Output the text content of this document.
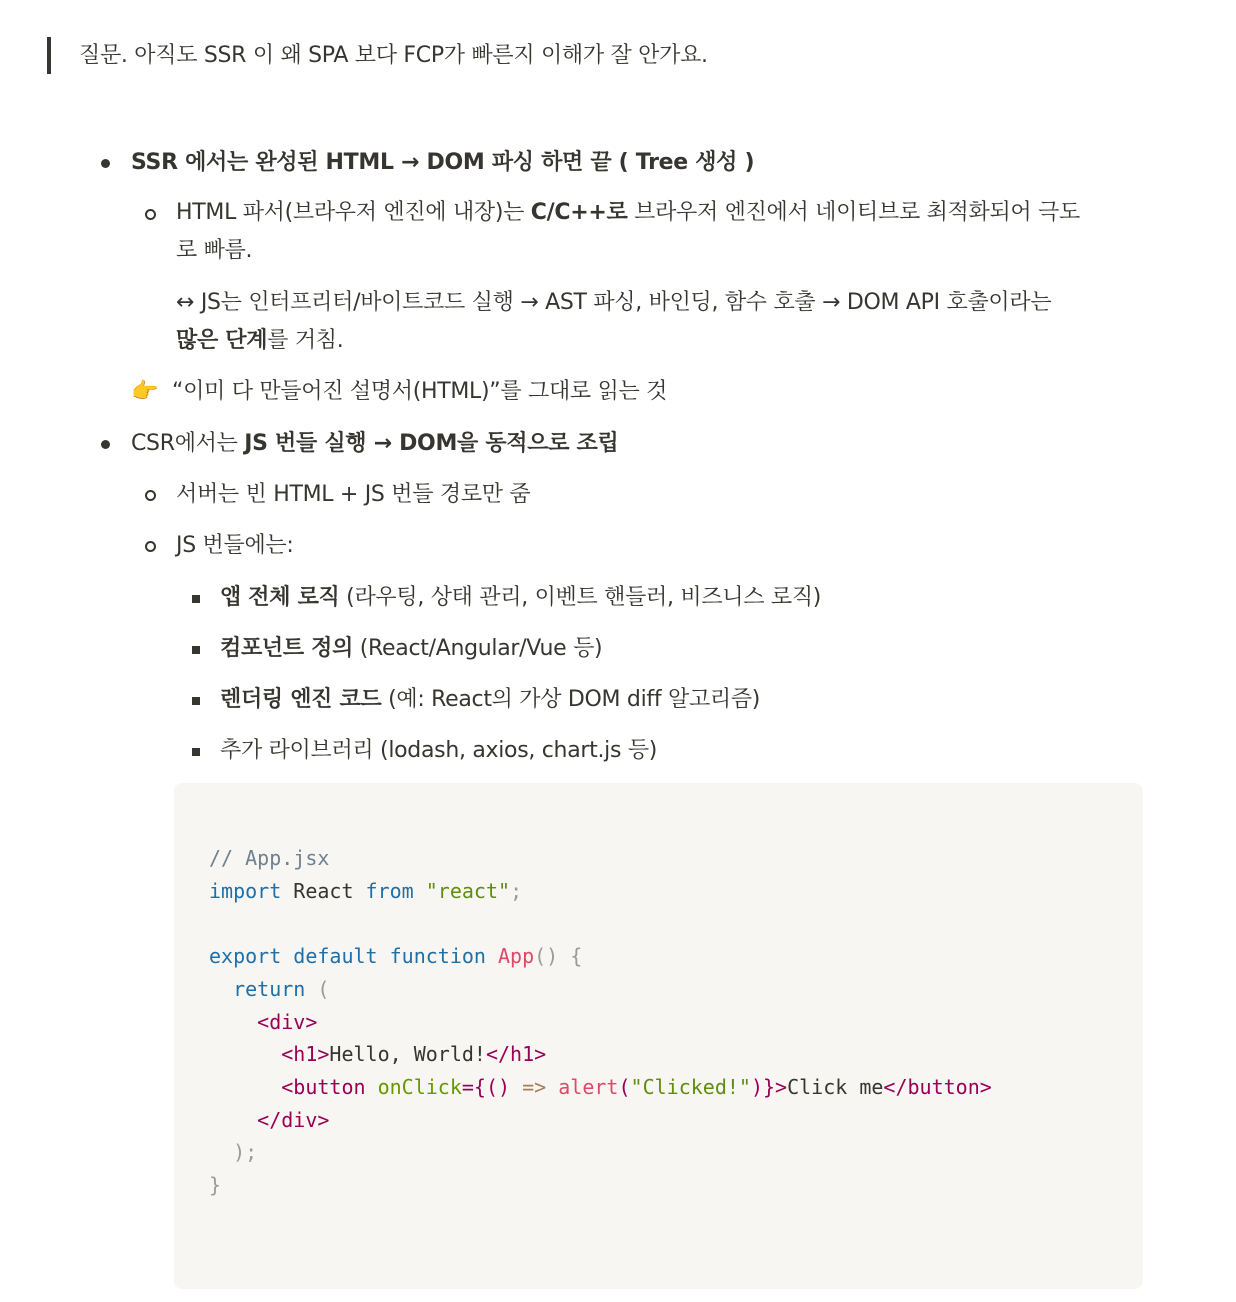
질문. 아직도 SSR 이 왜 SPA 보다 FCP가 빠른지 이해가 잘 안가요.
SSR 에서는 완성된 HTML → DOM 파싱 하면 끝 ( Tree 생성 )
HTML 파서(브라우저 엔진에 내장)는 C/C++로 브라우저 엔진에서 네이티브로 최적화되어 극도
로 빠름.
↔ JS는 인터프리터/바이트코드 실행 → AST 파싱, 바인딩, 함수 호출 → DOM API 호출이라는
많은 단계를 거침.
👉 “이미 다 만들어진 설명서(HTML)”를 그대로 읽는 것
CSR에서는 JS 번들 실행 → DOM을 동적으로 조립
서버는 빈 HTML + JS 번들 경로만 줌
JS 번들에는:
앱 전체 로직 (라우팅, 상태 관리, 이벤트 핸들러, 비즈니스 로직)
컴포넌트 정의 (React/Angular/Vue 등)
렌더링 엔진 코드 (예: React의 가상 DOM diff 알고리즘)
추가 라이브러리 (lodash, axios, chart.js 등)
// App.jsx
import React from "react";

export default function App() {
return (
<div>
<h1>Hello, World!</h1>
<button onClick={() => alert("Clicked!")}>Click me</button>
</div>
);
}
